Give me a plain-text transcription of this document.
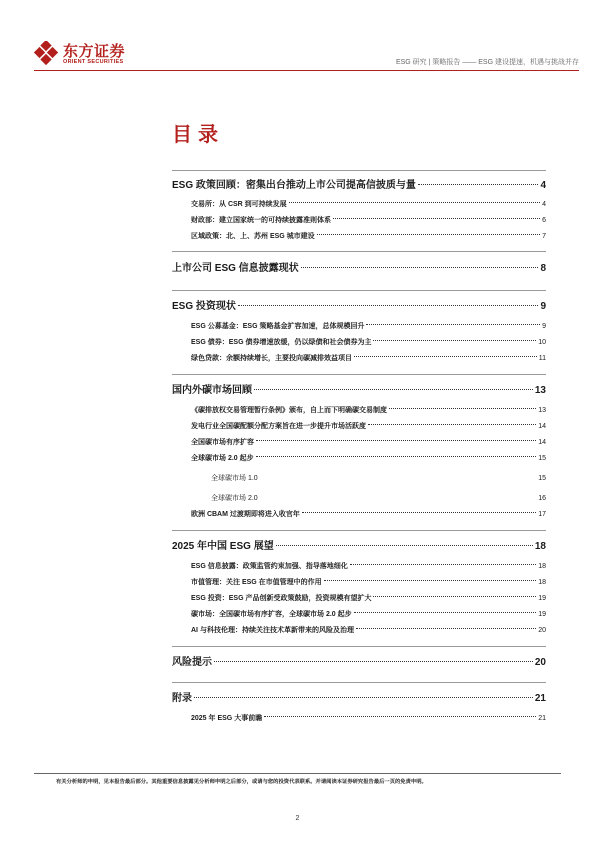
东方证券
ORIENT SECURITIES	ESG 研究 | 策略报告 —— ESG 建设提速，机遇与挑战并存
目录
ESG 政策回顾：密集出台推动上市公司提高信披质与量	4
交易所：从 CSR 到可持续发展	4
财政部：建立国家统一的可持续披露准则体系	6
区域政策：北、上、苏州 ESG 城市建设	7
上市公司 ESG 信息披露现状	8
ESG 投资现状	9
ESG 公募基金：ESG 策略基金扩容加速，总体规模回升	9
ESG 债券：ESG 债券增速放缓，仍以绿债和社会债券为主	10
绿色贷款：余额持续增长，主要投向碳减排效益项目	11
国内外碳市场回顾	13
《碳排放权交易管理暂行条例》颁布，自上而下明确碳交易制度	13
发电行业全国碳配额分配方案旨在进一步提升市场活跃度	14
全国碳市场有序扩容	14
全球碳市场 2.0 起步	15
全球碳市场 1.0	15
全球碳市场 2.0	16
欧洲 CBAM 过渡期即将进入收官年	17
2025 年中国 ESG 展望	18
ESG 信息披露：政策监管约束加强、指导落地细化	18
市值管理：关注 ESG 在市值管理中的作用	18
ESG 投资：ESG 产品创新受政策鼓励，投资规模有望扩大	19
碳市场：全国碳市场有序扩容，全球碳市场 2.0 起步	19
AI 与科技伦理：持续关注技术革新带来的风险及治理	20
风险提示	20
附录	21
2025 年 ESG 大事前瞻	21
有关分析师的申明，见本报告最后部分。其他重要信息披露见分析师申明之后部分，或请与您的投资代表联系。并请阅读本证券研究报告最后一页的免责申明。
2
